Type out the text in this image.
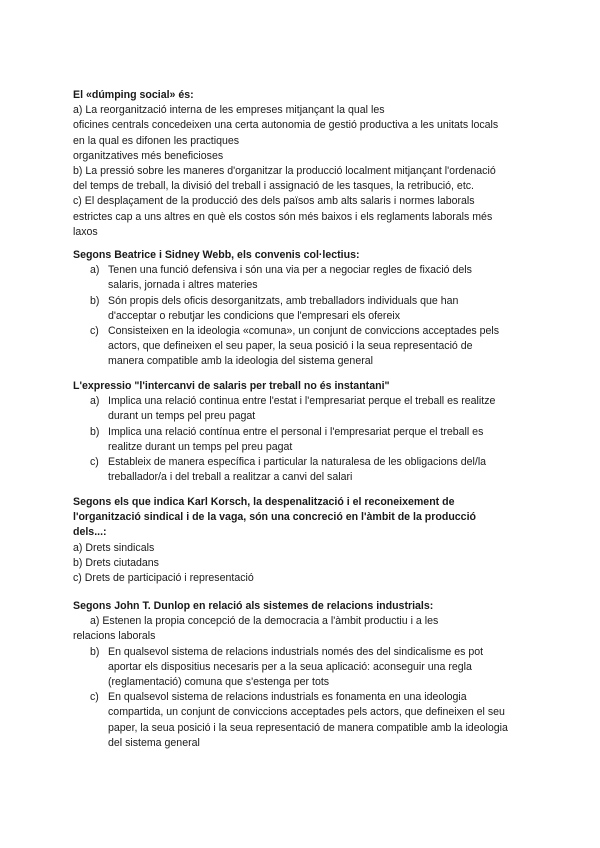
El «dúmping social» és:
a) La reorganització interna de les empreses mitjançant la qual les
oficines centrals concedeixen una certa autonomia de gestió productiva a les unitats locals
en la qual es difonen les practiques
organitzatives més beneficioses
b) La pressió sobre les maneres d'organitzar la producció localment mitjançant l'ordenació
del temps de treball, la divisió del treball i assignació de les tasques, la retribució, etc.
c) El desplaçament de la producció des dels països amb alts salaris i normes laborals
estrictes cap a uns altres en què els costos són més baixos i els reglaments laborals més
laxos
Segons Beatrice i Sidney Webb, els convenis col·lectius:
a) Tenen una funció defensiva i són una via per a negociar regles de fixació dels
salaris, jornada i altres materies
b) Són propis dels oficis desorganitzats, amb treballadors individuals que han
d'acceptar o rebutjar les condicions que l'empresari els ofereix
c) Consisteixen en la ideologia «comuna», un conjunt de conviccions acceptades pels
actors, que defineixen el seu paper, la seua posició i la seua representació de
manera compatible amb la ideologia del sistema general
L'expressio "l'intercanvi de salaris per treball no és instantani"
a) Implica una relació continua entre l'estat i l'empresariat perque el treball es realitze
durant un temps pel preu pagat
b) Implica una relació contínua entre el personal i l'empresariat perque el treball es
realitze durant un temps pel preu pagat
c) Estableix de manera específica i particular la naturalesa de les obligacions del/la
treballador/a i del treball a realitzar a canvi del salari
Segons els que indica Karl Korsch, la despenalització i el reconeixement de
l'organització sindical i de la vaga, són una concreció en l'àmbit de la producció
dels...:
a) Drets sindicals
b) Drets ciutadans
c) Drets de participació i representació
Segons John T. Dunlop en relació als sistemes de relacions industrials:
a) Estenen la propia concepció de la democracia a l'àmbit productiu i a les
relacions laborals
b) En qualsevol sistema de relacions industrials només des del sindicalisme es pot
aportar els dispositius necesaris per a la seua aplicació: aconseguir una regla
(reglamentació) comuna que s'estenga per tots
c) En qualsevol sistema de relacions industrials es fonamenta en una ideologia
compartida, un conjunt de conviccions acceptades pels actors, que defineixen el seu
paper, la seua posició i la seua representació de manera compatible amb la ideologia
del sistema general
